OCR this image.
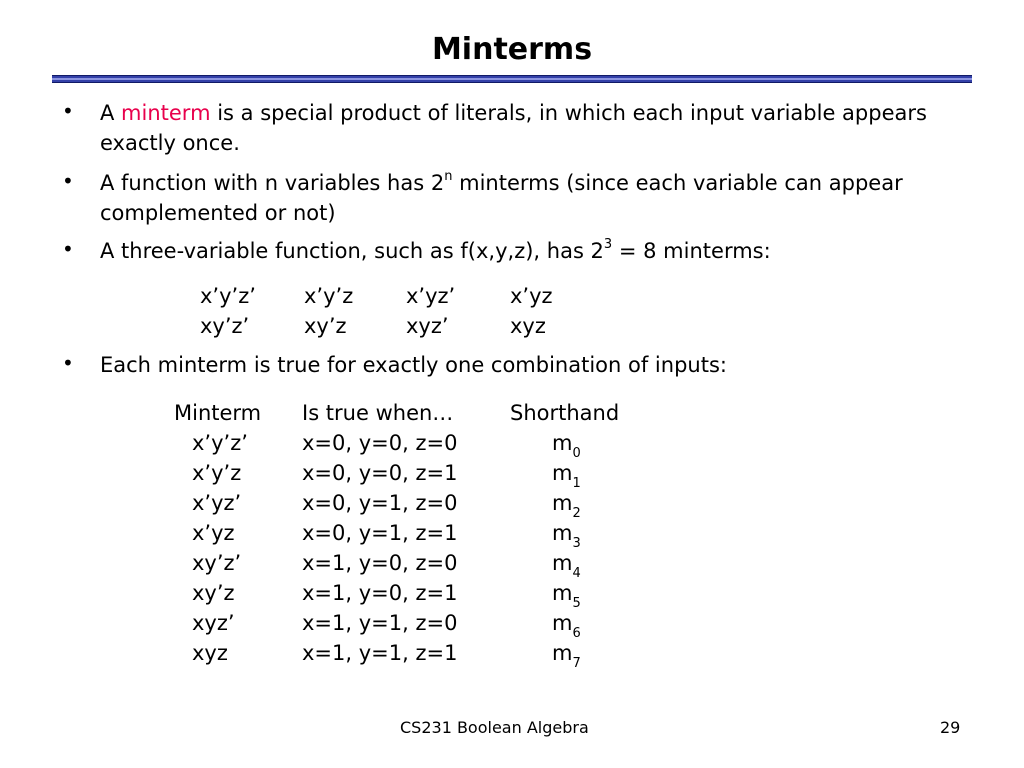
Minterms
• A minterm is a special product of literals, in which each input variable appears exactly once.
• A function with n variables has 2$^n$ minterms (since each variable can appear complemented or not)
• A three-variable function, such as f(x,y,z), has $2^3 = 8$ minterms:
x’y’z’	x’y’z	x’yz’	x’yz
xy’z’	xy’z	xyz’	xyz
• Each minterm is true for exactly one combination of inputs:
Minterm	Is true when…	Shorthand
x’y’z’	x=0, y=0, z=0	$m_0$
x’y’z	x=0, y=0, z=1	$m_1$
x’yz’	x=0, y=1, z=0	$m_2$
x’yz	x=0, y=1, z=1	$m_3$
xy’z’	x=1, y=0, z=0	$m_4$
xy’z	x=1, y=0, z=1	$m_5$
xyz’	x=1, y=1, z=0	$m_6$
xyz	x=1, y=1, z=1	$m_7$
CS231 Boolean Algebra	29
